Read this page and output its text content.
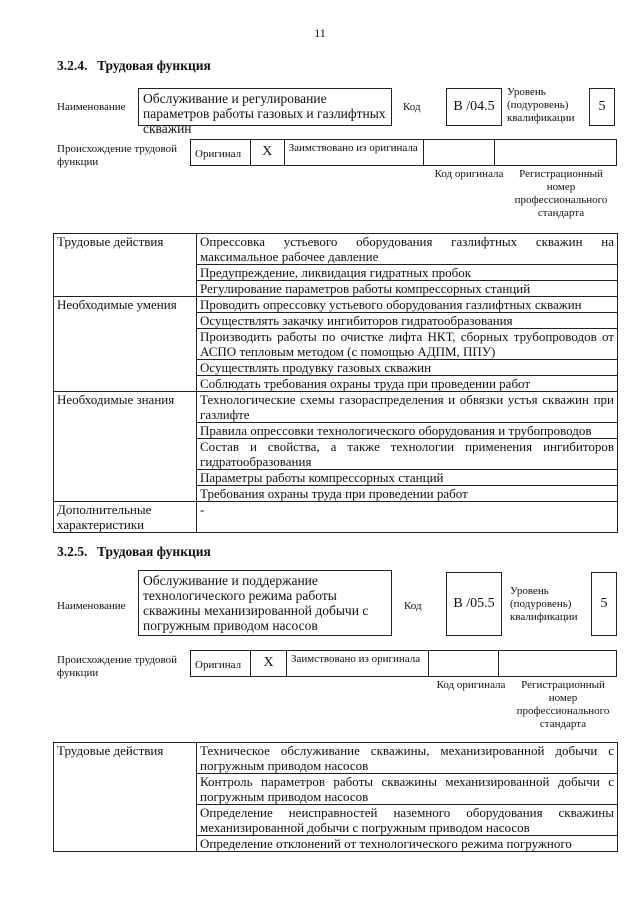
11
3.2.4. Трудовая функция
Наименование
Обслуживание и регулирование параметров работы газовых и газлифтных скважин
Код	B /04.5
Уровень (подуровень) квалификации
5
Происхождение трудовой функции
Оригинал	X	Заимствовано из оригинала
Код оригинала	Регистрационный номер профессионального стандарта
Трудовые действия	Опрессовка устьевого оборудования газлифтных скважин на максимальное рабочее давление
	Предупреждение, ликвидация гидратных пробок
	Регулирование параметров работы компрессорных станций
Необходимые умения	Проводить опрессовку устьевого оборудования газлифтных скважин
	Осуществлять закачку ингибиторов гидратообразования
	Производить работы по очистке лифта НКТ, сборных трубопроводов от АСПО тепловым методом (с помощью АДПМ, ППУ)
	Осуществлять продувку газовых скважин
	Соблюдать требования охраны труда при проведении работ
Необходимые знания	Технологические схемы газораспределения и обвязки устья скважин при газлифте
	Правила опрессовки технологического оборудования и трубопроводов
	Состав и свойства, а также технологии применения ингибиторов гидратообразования
	Параметры работы компрессорных станций
	Требования охраны труда при проведении работ
Дополнительные характеристики	-
3.2.5. Трудовая функция
Наименование
Обслуживание и поддержание технологического режима работы скважины механизированной добычи с погружным приводом насосов
Код	B /05.5
Уровень (подуровень) квалификации
5
Происхождение трудовой функции
Оригинал	X	Заимствовано из оригинала
Код оригинала	Регистрационный номер профессионального стандарта
Трудовые действия	Техническое обслуживание скважины, механизированной добычи с погружным приводом насосов
Контроль параметров работы скважины механизированной добычи с погружным приводом насосов
Определение неисправностей наземного оборудования скважины механизированной добычи с погружным приводом насосов
Определение отклонений от технологического режима погружного
